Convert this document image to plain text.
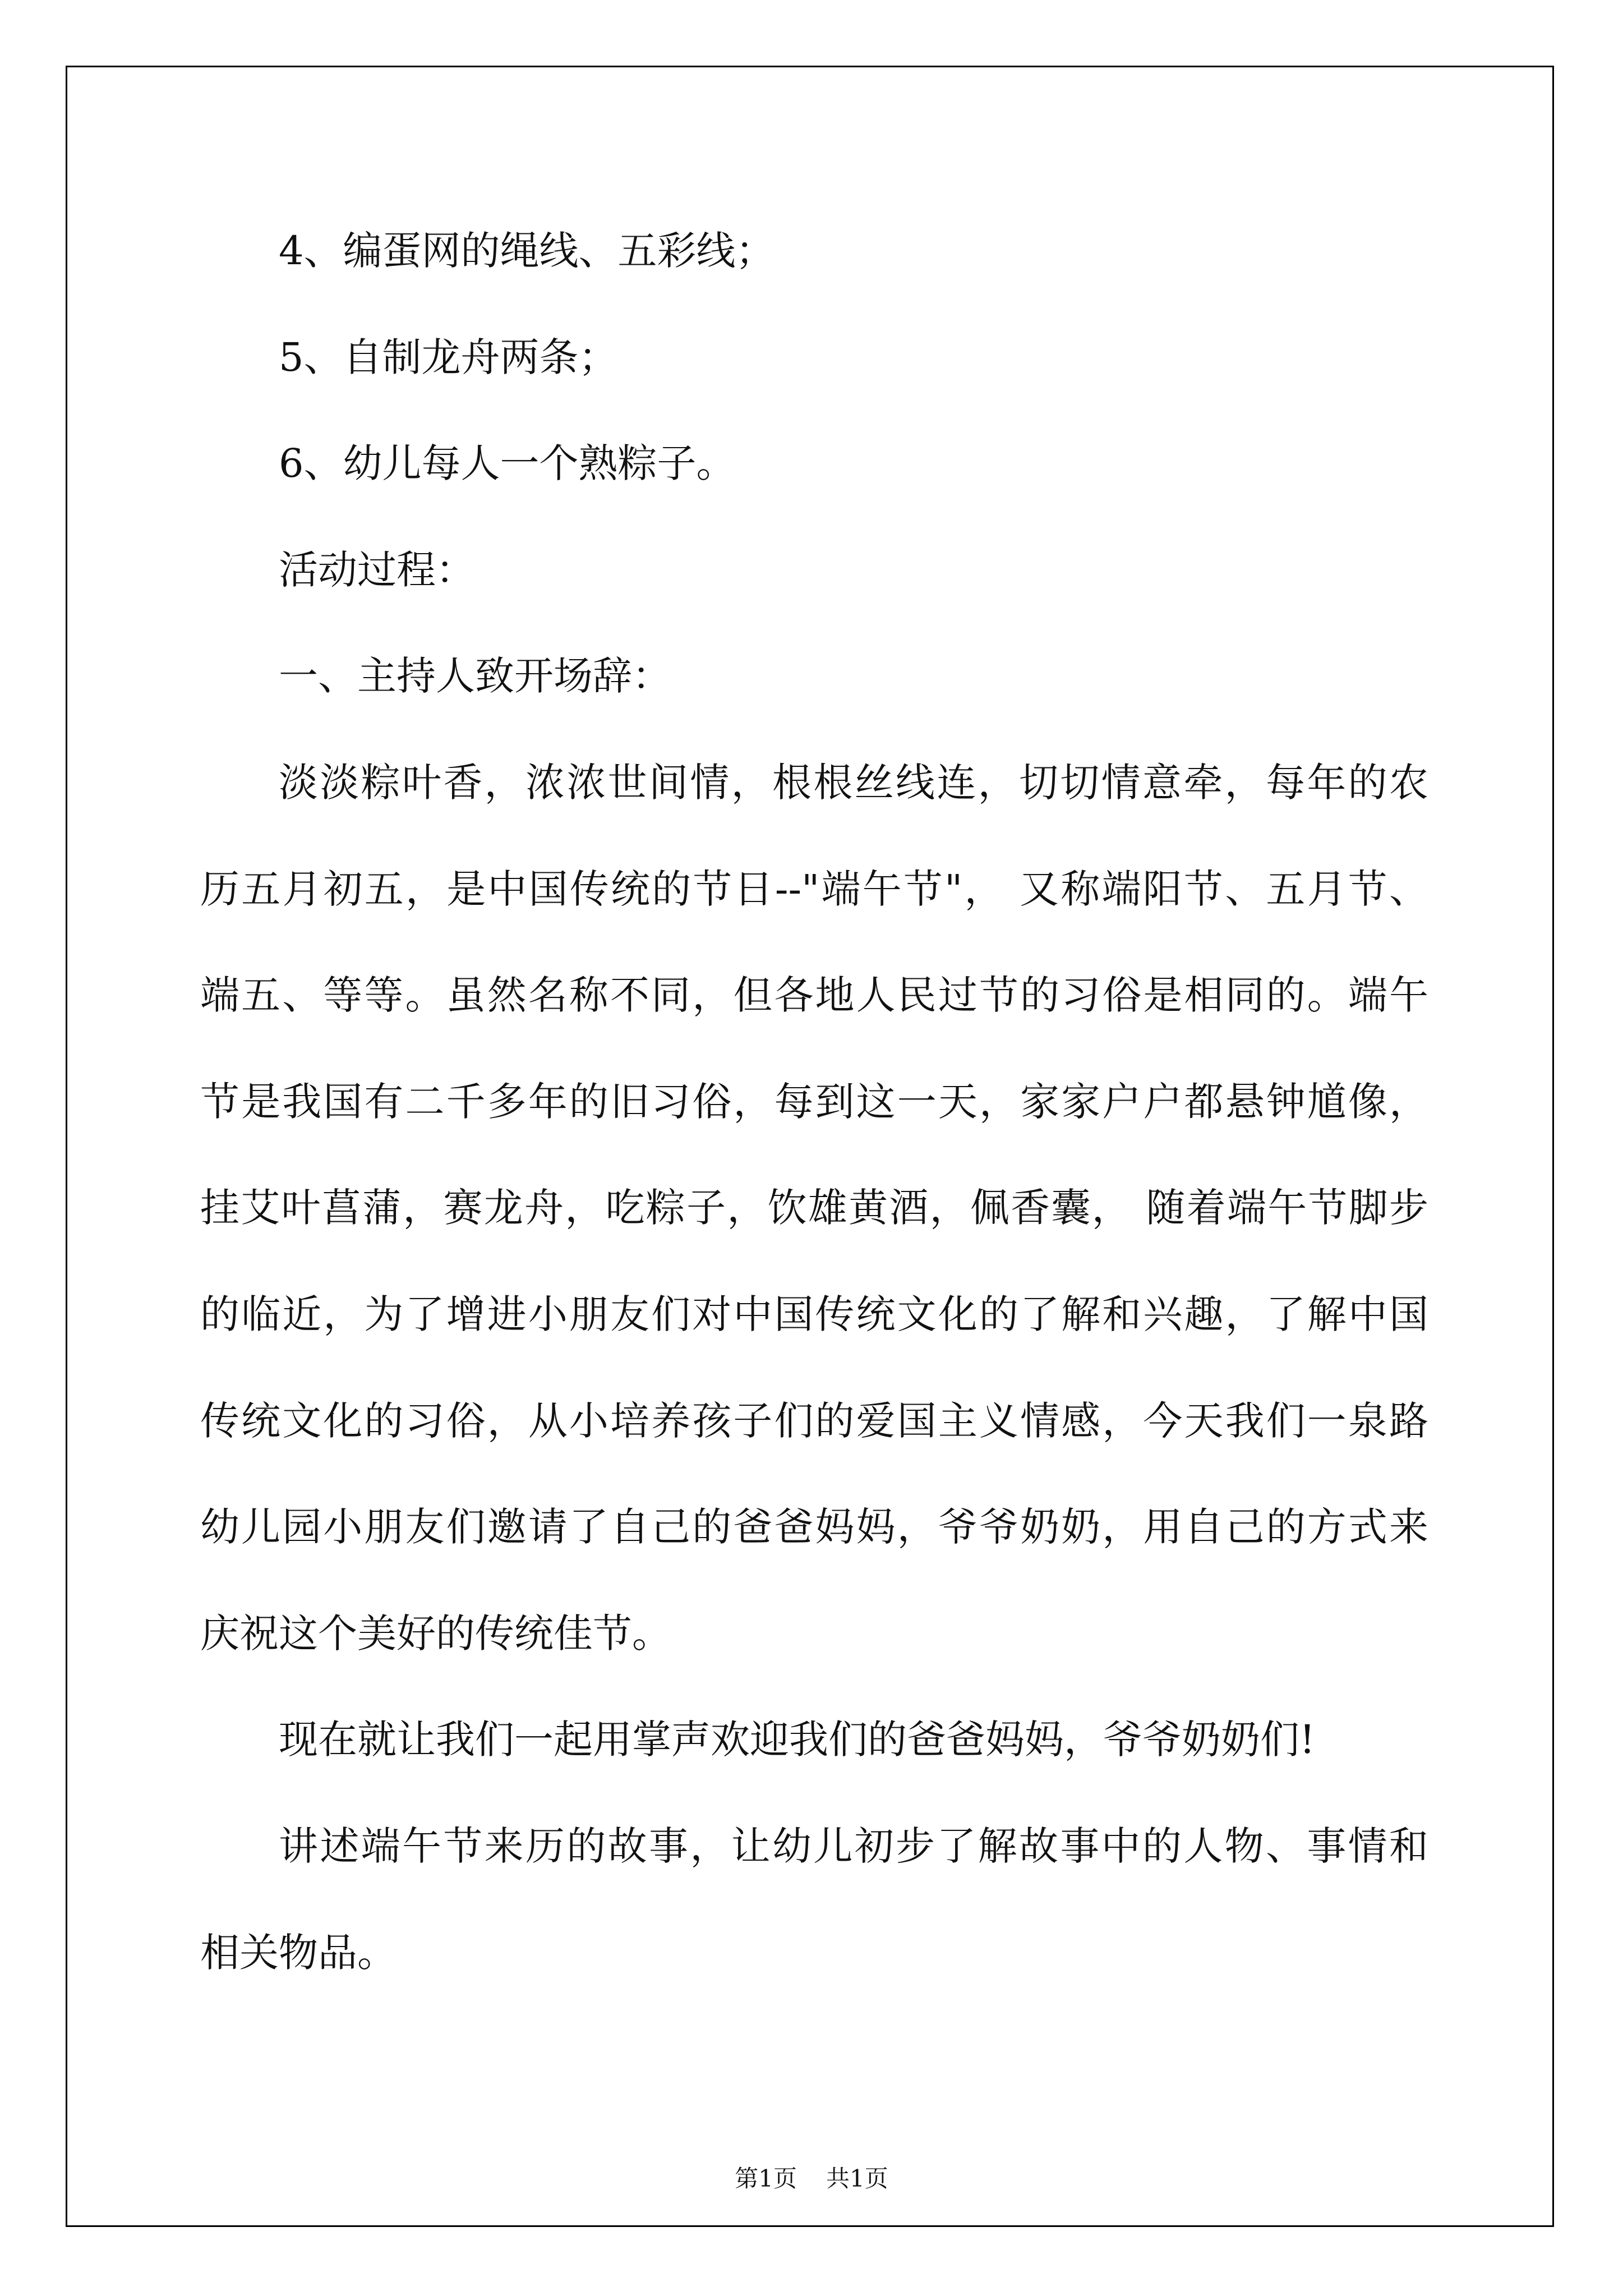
4、编蛋网的绳线、五彩线；
5、自制龙舟两条；
6、幼儿每人一个熟粽子。
活动过程：
一、主持人致开场辞：
淡淡粽叶香，浓浓世间情，根根丝线连，切切情意牵，每年的农
历五月初五，是中国传统的节日--"端午节"， 又称端阳节、五月节、
端五、等等。虽然名称不同，但各地人民过节的习俗是相同的。端午
节是我国有二千多年的旧习俗，每到这一天，家家户户都悬钟馗像，
挂艾叶菖蒲，赛龙舟，吃粽子，饮雄黄酒，佩香囊， 随着端午节脚步
的临近，为了增进小朋友们对中国传统文化的了解和兴趣，了解中国
传统文化的习俗，从小培养孩子们的爱国主义情感，今天我们一泉路
幼儿园小朋友们邀请了自己的爸爸妈妈，爷爷奶奶，用自己的方式来
庆祝这个美好的传统佳节。
现在就让我们一起用掌声欢迎我们的爸爸妈妈，爷爷奶奶们!
讲述端午节来历的故事，让幼儿初步了解故事中的人物、事情和
相关物品。
第1页 共1页
